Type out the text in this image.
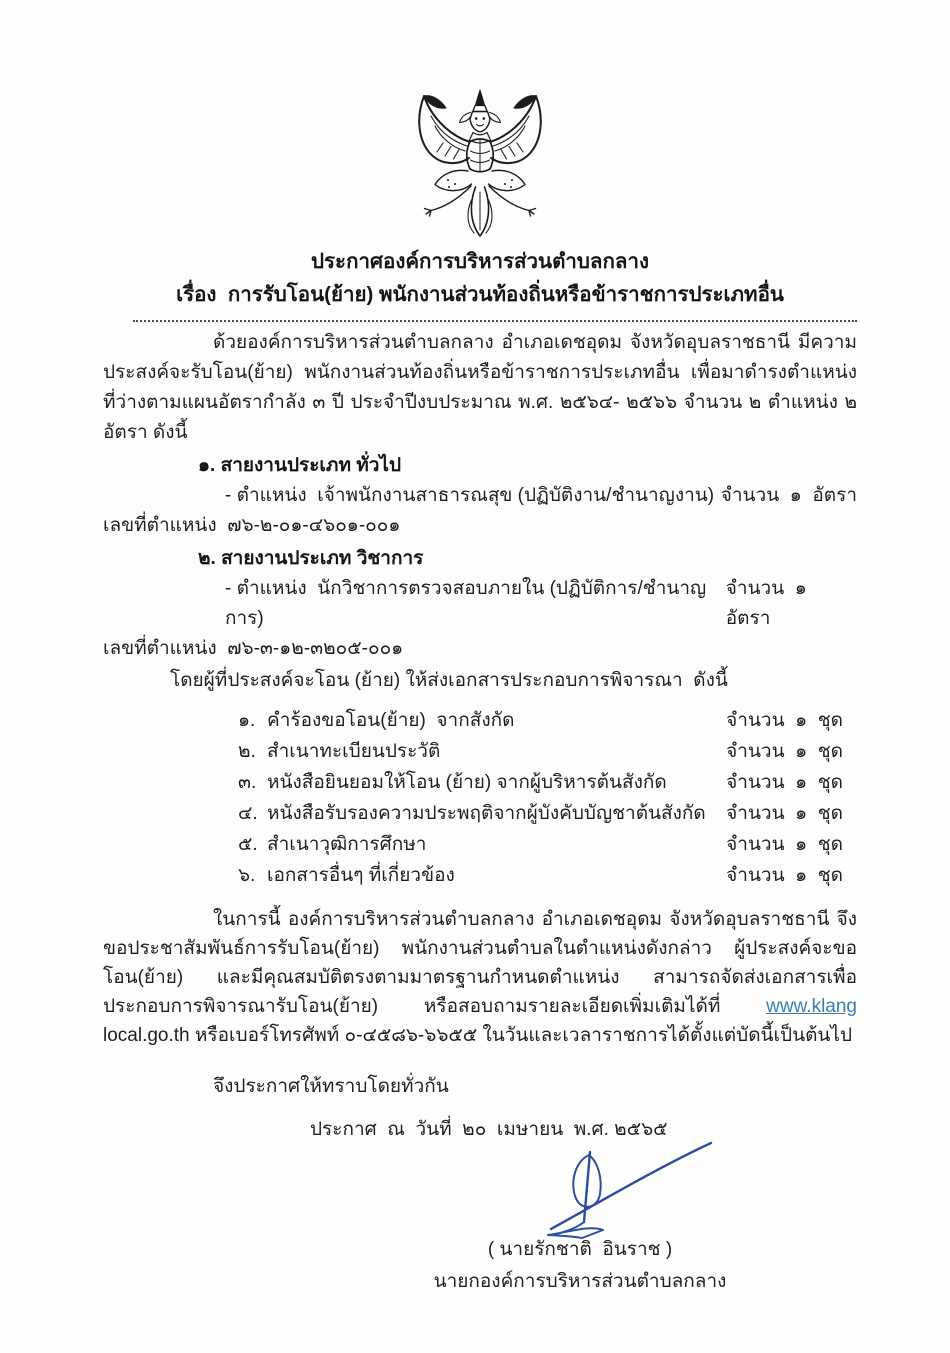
ประกาศองค์การบริหารส่วนตำบลกลาง
เรื่อง  การรับโอน(ย้าย) พนักงานส่วนท้องถิ่นหรือข้าราชการประเภทอื่น

ด้วยองค์การบริหารส่วนตำบลกลาง อำเภอเดชอุดม จังหวัดอุบลราชธานี มีความประสงค์จะรับโอน(ย้าย) พนักงานส่วนท้องถิ่นหรือข้าราชการประเภทอื่น เพื่อมาดำรงตำแหน่งที่ว่างตามแผนอัตรากำลัง ๓ ปี ประจำปีงบประมาณ พ.ศ. ๒๕๖๔- ๒๕๖๖ จำนวน ๒ ตำแหน่ง ๒ อัตรา ดังนี้

๑. สายงานประเภท ทั่วไป
- ตำแหน่ง  เจ้าพนักงานสาธารณสุข (ปฏิบัติงาน/ชำนาญงาน) จำนวน  ๑  อัตรา
เลขที่ตำแหน่ง  ๗๖-๒-๐๑-๔๖๐๑-๐๐๑
๒. สายงานประเภท วิชาการ
- ตำแหน่ง  นักวิชาการตรวจสอบภายใน (ปฏิบัติการ/ชำนาญการ)
จำนวน  ๑  อัตรา
เลขที่ตำแหน่ง  ๗๖-๓-๑๒-๓๒๐๕-๐๐๑
โดยผู้ที่ประสงค์จะโอน (ย้าย) ให้ส่งเอกสารประกอบการพิจารณา  ดังนี้
๑. คำร้องขอโอน(ย้าย)  จากสังกัด	จำนวน  ๑  ชุด
๒. สำเนาทะเบียนประวัติ	จำนวน  ๑  ชุด
๓. หนังสือยินยอมให้โอน (ย้าย) จากผู้บริหารต้นสังกัด	จำนวน  ๑  ชุด
๔. หนังสือรับรองความประพฤติจากผู้บังคับบัญชาต้นสังกัด จำนวน  ๑  ชุด
๕. สำเนาวุฒิการศึกษา	จำนวน  ๑  ชุด
๖. เอกสารอื่นๆ ที่เกี่ยวข้อง	จำนวน  ๑  ชุด

ในการนี้ องค์การบริหารส่วนตำบลกลาง อำเภอเดชอุดม จังหวัดอุบลราชธานี จึงขอประชาสัมพันธ์การรับโอน(ย้าย) พนักงานส่วนตำบลในตำแหน่งดังกล่าว ผู้ประสงค์จะขอโอน(ย้าย) และมีคุณสมบัติตรงตามมาตรฐานกำหนดตำแหน่ง สามารถจัดส่งเอกสารเพื่อประกอบการพิจารณารับโอน(ย้าย) หรือสอบถามรายละเอียดเพิ่มเติมได้ที่ www.klang local.go.th หรือเบอร์โทรศัพท์ ๐-๔๕๘๖-๖๖๕๕ ในวันและเวลาราชการได้ตั้งแต่บัดนี้เป็นต้นไป

จึงประกาศให้ทราบโดยทั่วกัน
ประกาศ  ณ  วันที่  ๒๐  เมษายน  พ.ศ. ๒๕๖๕
( นายรักชาติ  อินราช )
นายกองค์การบริหารส่วนตำบลกลาง
